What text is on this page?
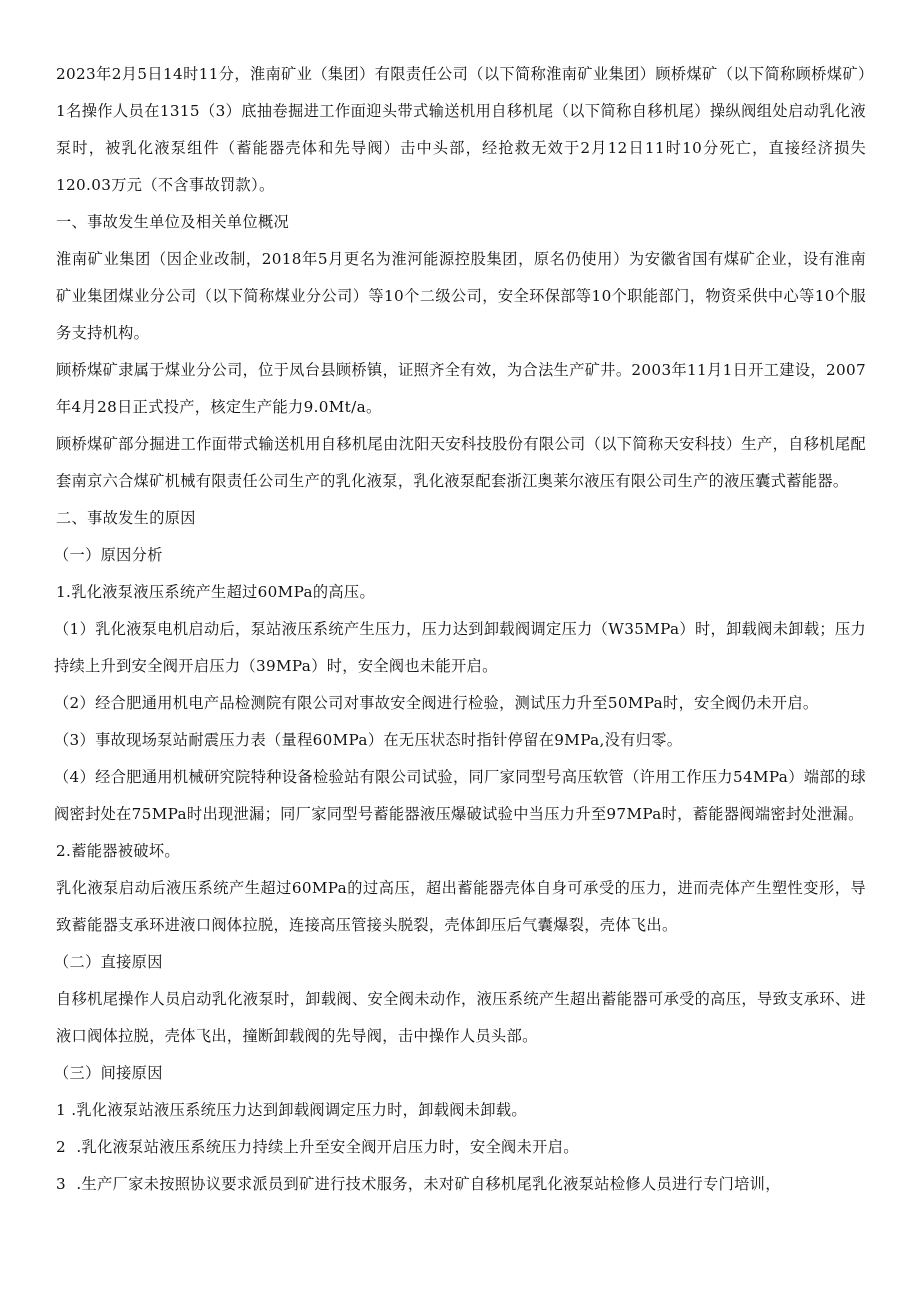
2023年2月5日14时11分，淮南矿业（集团）有限责任公司（以下简称淮南矿业集团）顾桥煤矿（以下简称顾桥煤矿）1名操作人员在1315（3）底抽卷掘进工作面迎头带式输送机用自移机尾（以下简称自移机尾）操纵阀组处启动乳化液泵时，被乳化液泵组件（蓄能器壳体和先导阀）击中头部，经抢救无效于2月12日11时10分死亡，直接经济损失120.03万元（不含事故罚款）。

一、事故发生单位及相关单位概况

淮南矿业集团（因企业改制，2018年5月更名为淮河能源控股集团，原名仍使用）为安徽省国有煤矿企业，设有淮南矿业集团煤业分公司（以下简称煤业分公司）等10个二级公司，安全环保部等10个职能部门，物资采供中心等10个服务支持机构。

顾桥煤矿隶属于煤业分公司，位于凤台县顾桥镇，证照齐全有效，为合法生产矿井。2003年11月1日开工建设，2007年4月28日正式投产，核定生产能力9.0Mt/a。

顾桥煤矿部分掘进工作面带式输送机用自移机尾由沈阳天安科技股份有限公司（以下简称天安科技）生产，自移机尾配套南京六合煤矿机械有限责任公司生产的乳化液泵，乳化液泵配套浙江奥莱尔液压有限公司生产的液压囊式蓄能器。

二、事故发生的原因

（一）原因分析

1.乳化液泵液压系统产生超过60MPa的高压。

（1）乳化液泵电机启动后，泵站液压系统产生压力，压力达到卸载阀调定压力（W35MPa）时，卸载阀未卸载；压力持续上升到安全阀开启压力（39MPa）时，安全阀也未能开启。

（2）经合肥通用机电产品检测院有限公司对事故安全阀进行检验，测试压力升至50MPa时，安全阀仍未开启。

（3）事故现场泵站耐震压力表（量程60MPa）在无压状态时指针停留在9MPa,没有归零。

（4）经合肥通用机械研究院特种设备检验站有限公司试验，同厂家同型号高压软管（许用工作压力54MPa）端部的球阀密封处在75MPa时出现泄漏；同厂家同型号蓄能器液压爆破试验中当压力升至97MPa时，蓄能器阀端密封处泄漏。

2.蓄能器被破坏。

乳化液泵启动后液压系统产生超过60MPa的过高压，超出蓄能器壳体自身可承受的压力，进而壳体产生塑性变形，导致蓄能器支承环进液口阀体拉脱，连接高压管接头脱裂，壳体卸压后气囊爆裂，壳体飞出。

（二）直接原因

自移机尾操作人员启动乳化液泵时，卸载阀、安全阀未动作，液压系统产生超出蓄能器可承受的高压，导致支承环、进液口阀体拉脱，壳体飞出，撞断卸载阀的先导阀，击中操作人员头部。

（三）间接原因

1 .乳化液泵站液压系统压力达到卸载阀调定压力时，卸载阀未卸载。

2  .乳化液泵站液压系统压力持续上升至安全阀开启压力时，安全阀未开启。

3  .生产厂家未按照协议要求派员到矿进行技术服务，未对矿自移机尾乳化液泵站检修人员进行专门培训，
